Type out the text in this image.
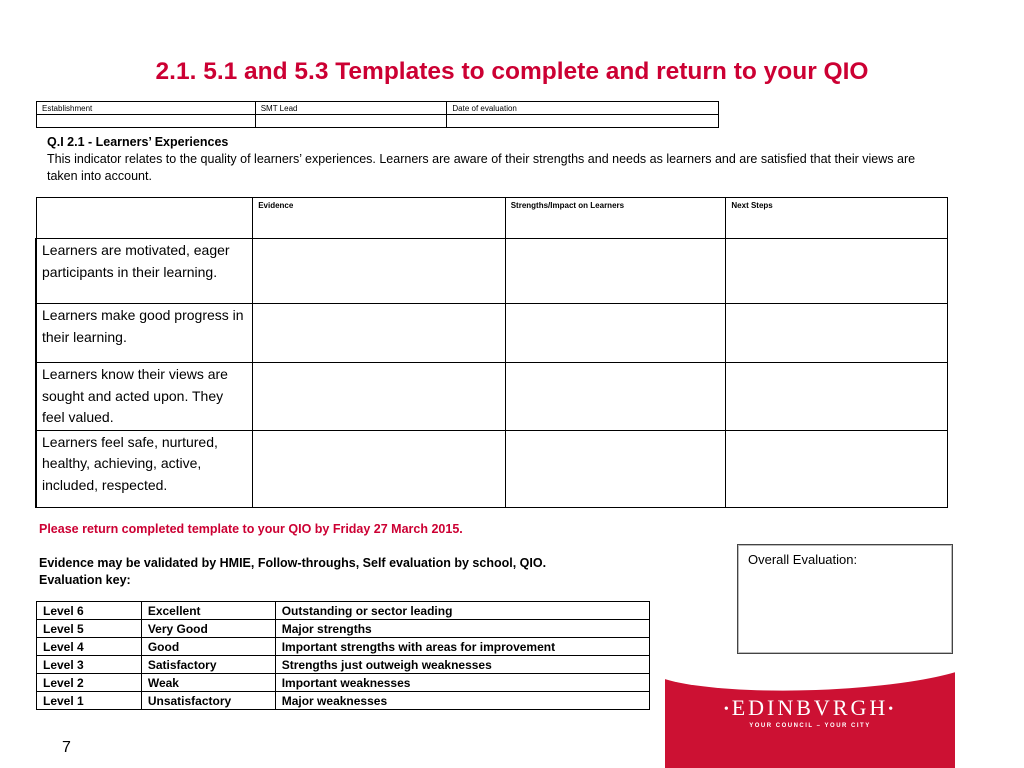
2.1. 5.1 and 5.3 Templates to complete and return to your QIO
Establishment	SMT Lead	Date of evaluation

Q.I 2.1 - Learners’ Experiences

This indicator relates to the quality of learners’ experiences. Learners are aware of their strengths and needs as learners and are satisfied that their views are taken into account.

	Evidence	Strengths/Impact on Learners	Next Steps
Learners are motivated, eager participants in their learning.			
Learners make good progress in their learning.			
Learners know their views are sought and acted upon. They feel valued.			
Learners feel safe, nurtured, healthy, achieving, active, included, respected.			

Please return completed template to your QIO by Friday 27 March 2015.

Evidence may be validated by HMIE, Follow-throughs, Self evaluation by school, QIO.

Evaluation key:

Level 6	Excellent	Outstanding or sector leading
Level 5	Very Good	Major strengths
Level 4	Good	Important strengths with areas for improvement
Level 3	Satisfactory	Strengths just outweigh weaknesses
Level 2	Weak	Important weaknesses
Level 1	Unsatisfactory	Major weaknesses
Overall Evaluation:
•EDINBVRGH•
YOUR COUNCIL – YOUR CITY
7
